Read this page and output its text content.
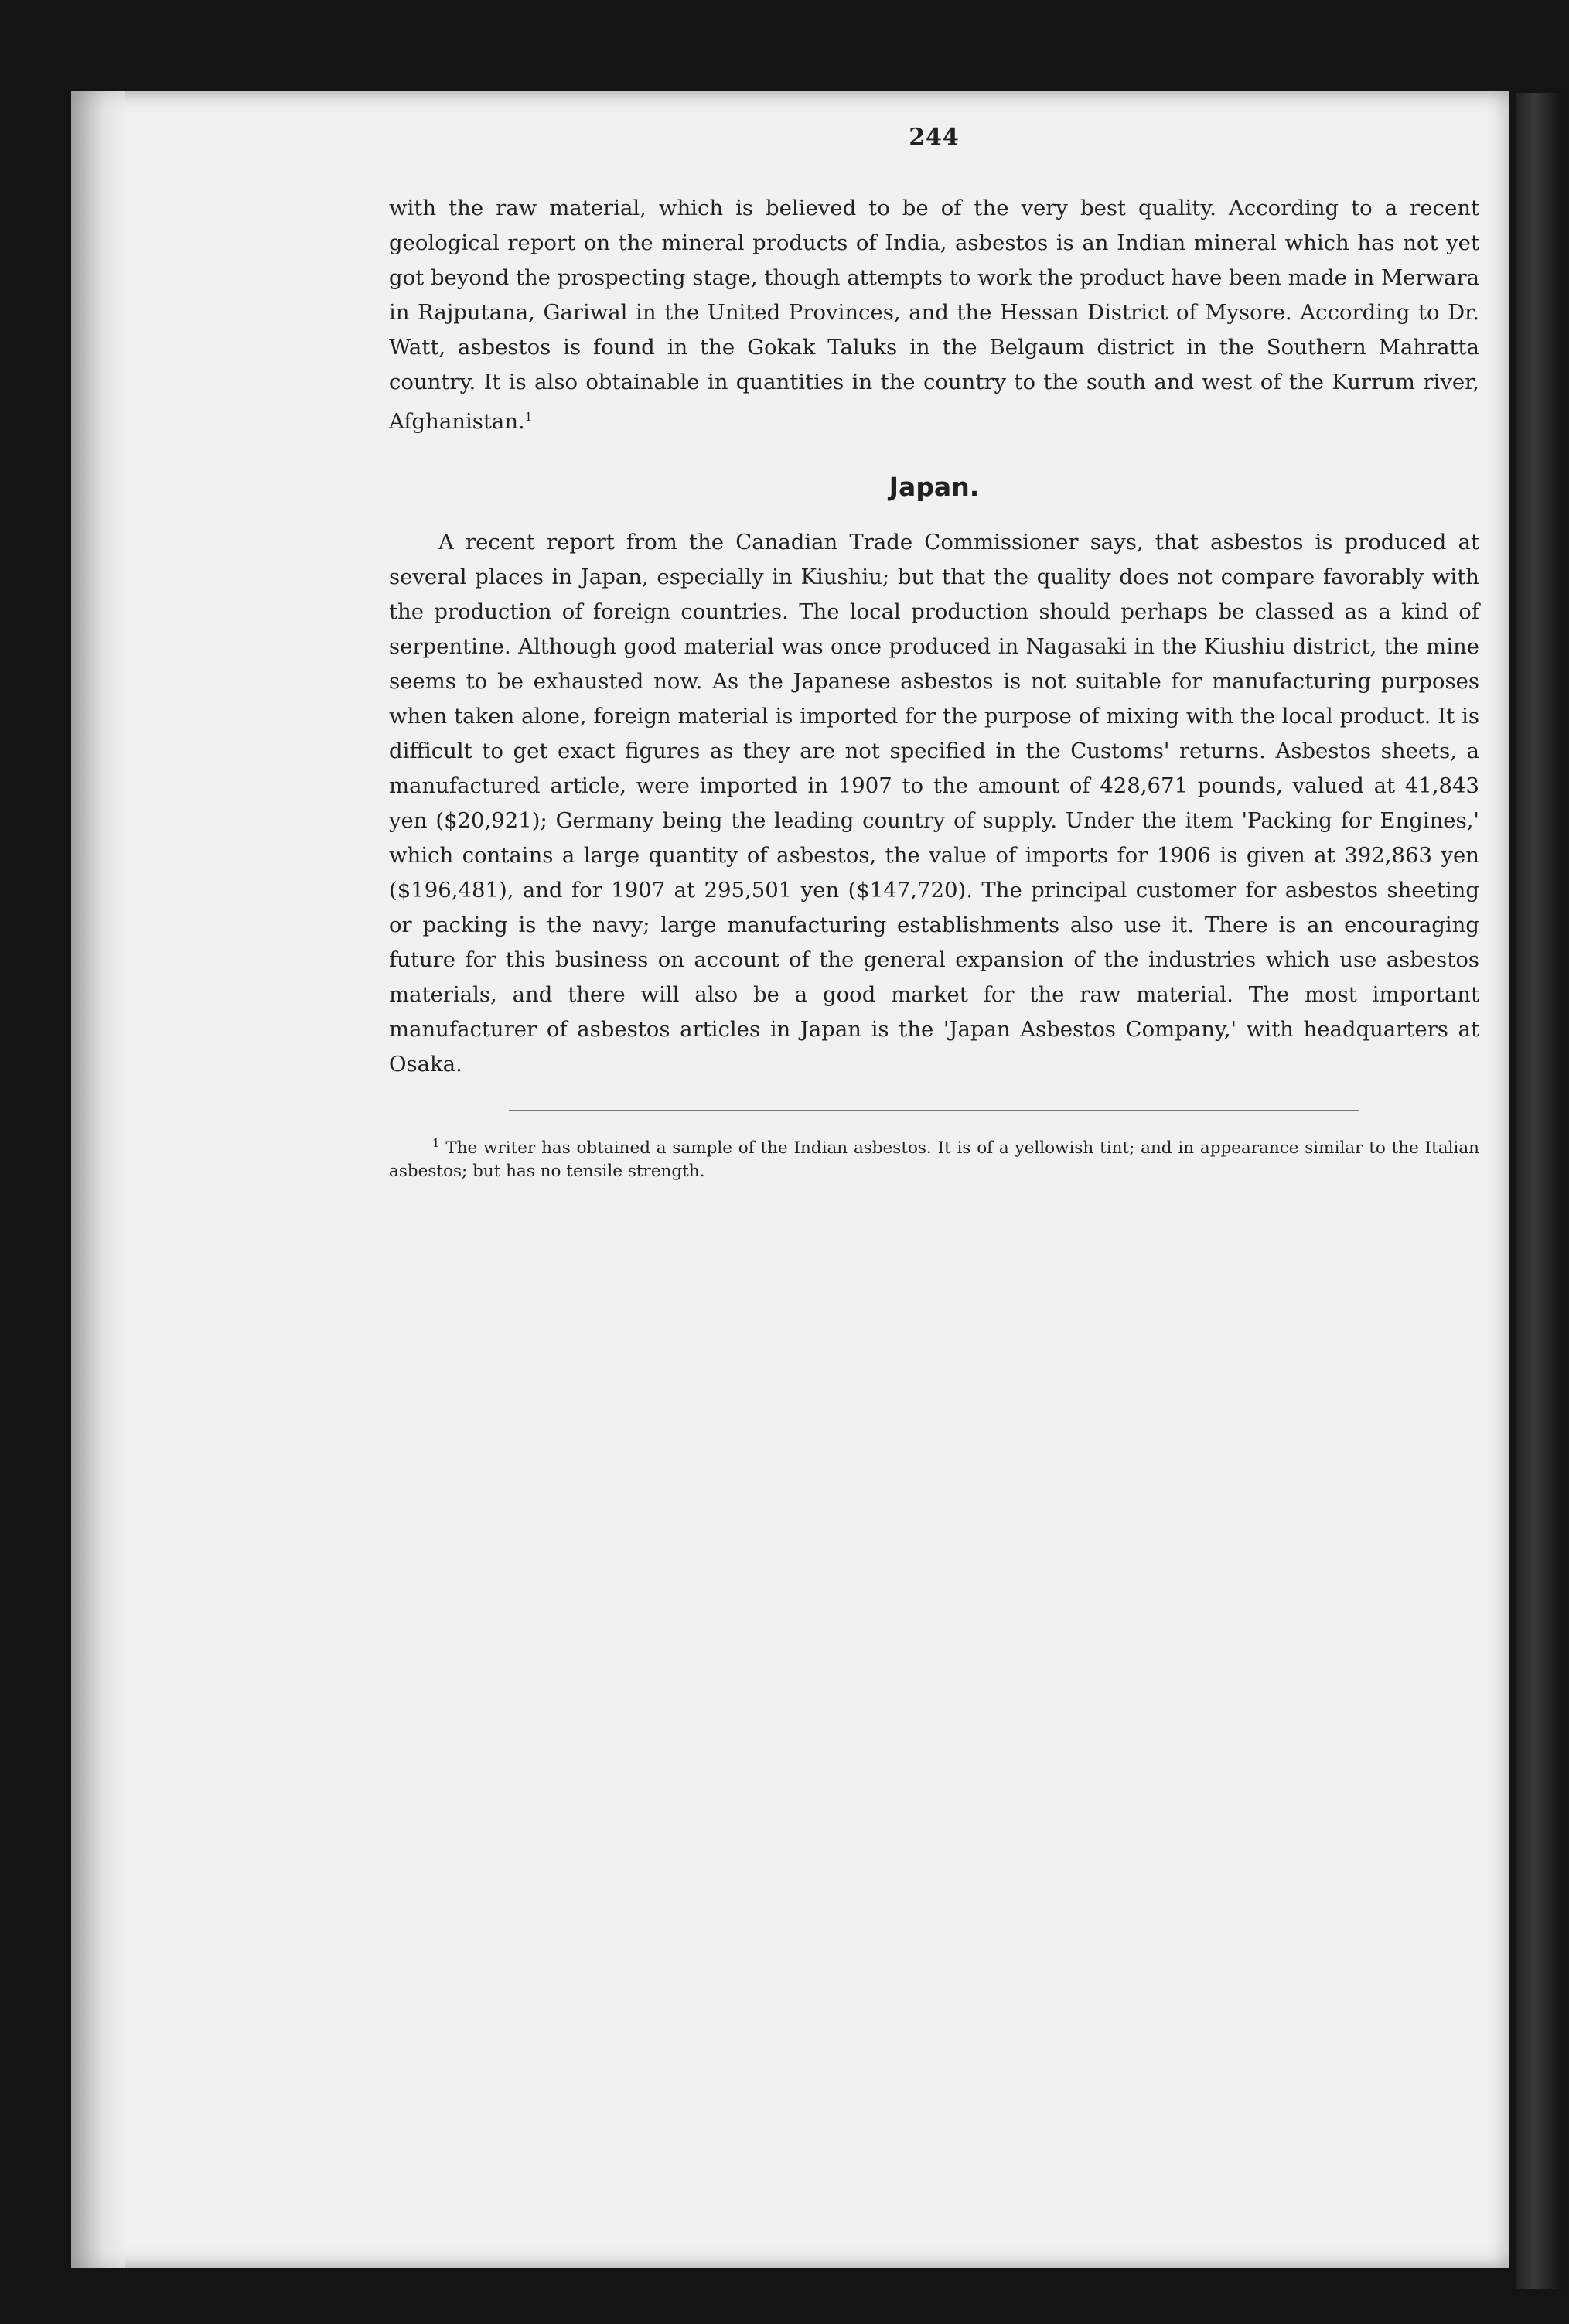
244

with the raw material, which is believed to be of the very best quality. According to a recent geological report on the mineral products of India, asbestos is an Indian mineral which has not yet got beyond the prospecting stage, though attempts to work the product have been made in Merwara in Rajputana, Gariwal in the United Provinces, and the Hessan District of Mysore. According to Dr. Watt, asbestos is found in the Gokak Taluks in the Belgaum district in the Southern Mahratta country. It is also obtainable in quantities in the country to the south and west of the Kurrum river, Afghanistan.$^1$

Japan.

A recent report from the Canadian Trade Commissioner says, that asbestos is produced at several places in Japan, especially in Kiushiu; but that the quality does not compare favorably with the production of foreign countries. The local production should perhaps be classed as a kind of serpentine. Although good material was once produced in Nagasaki in the Kiushiu district, the mine seems to be exhausted now. As the Japanese asbestos is not suitable for manufacturing purposes when taken alone, foreign material is imported for the purpose of mixing with the local product. It is difficult to get exact figures as they are not specified in the Customs' returns. Asbestos sheets, a manufactured article, were imported in 1907 to the amount of 428,671 pounds, valued at 41,843 yen ($20,921); Germany being the leading country of supply. Under the item 'Packing for Engines,' which contains a large quantity of asbestos, the value of imports for 1906 is given at 392,863 yen ($196,481), and for 1907 at 295,501 yen ($147,720). The principal customer for asbestos sheeting or packing is the navy; large manufacturing establishments also use it. There is an encouraging future for this business on account of the general expansion of the industries which use asbestos materials, and there will also be a good market for the raw material. The most important manufacturer of asbestos articles in Japan is the 'Japan Asbestos Company,' with headquarters at Osaka.

$^1$ The writer has obtained a sample of the Indian asbestos. It is of a yellowish tint; and in appearance similar to the Italian asbestos; but has no tensile strength.
